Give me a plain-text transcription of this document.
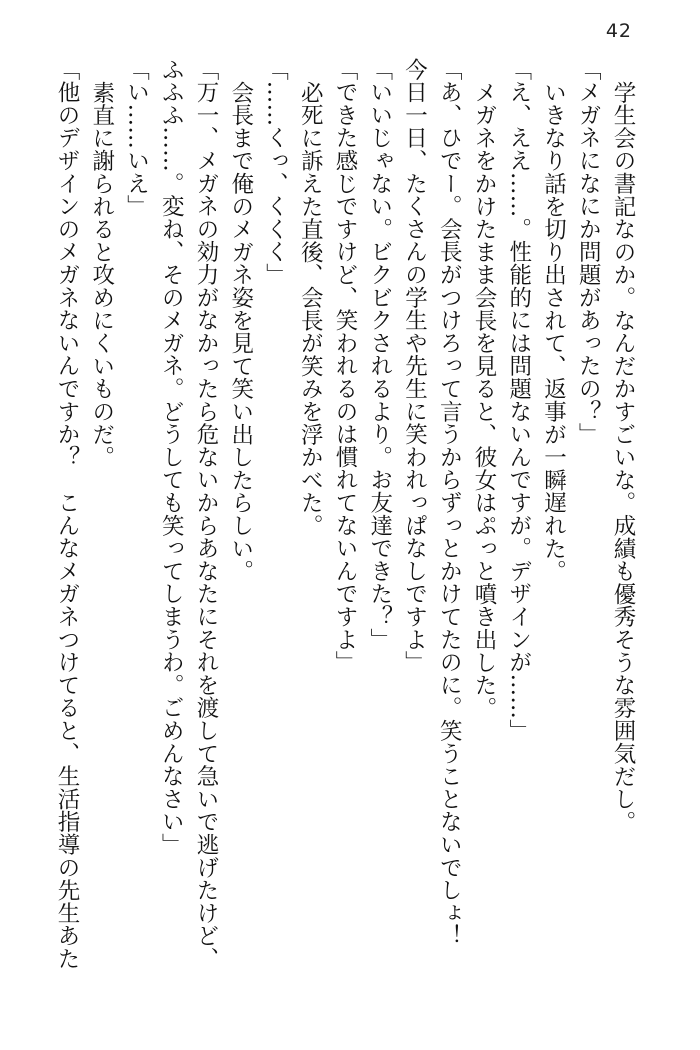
42

学生会の書記なのか。なんだかすごいな。成績も優秀そうな雰囲気だし。

「メガネになにか問題があったの？」

いきなり話を切り出されて、返事が一瞬遅れた。

「え、ええ……。性能的には問題ないんですが。デザインが……」

メガネをかけたまま会長を見ると、彼女はぷっと噴き出した。

「あ、ひでー。会長がつけろって言うからずっとかけてたのに。笑うことないでしょ！

今日一日、たくさんの学生や先生に笑われっぱなしですよ」

「いいじゃない。ビクビクされるより。お友達できた？」

「できた感じですけど、笑われるのは慣れてないんですよ」

必死に訴えた直後、会長が笑みを浮かべた。

「……くっ、くくく」

会長まで俺のメガネ姿を見て笑い出したらしい。

「万一、メガネの効力がなかったら危ないからあなたにそれを渡して急いで逃げたけど、

ふふふ……。変ね、そのメガネ。どうしても笑ってしまうわ。ごめんなさい」

「い……いえ」

素直に謝られると攻めにくいものだ。

「他のデザインのメガネないんですか？　こんなメガネつけてると、生活指導の先生あた
